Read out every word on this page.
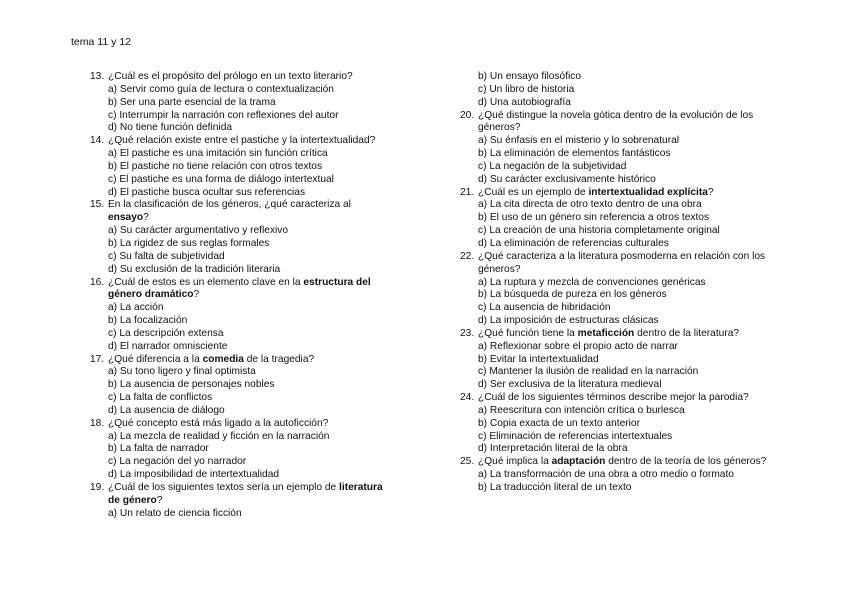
tema 11 y 12
13. ¿Cuál es el propósito del prólogo en un texto literario?
a) Servir como guía de lectura o contextualización
b) Ser una parte esencial de la trama
c) Interrumpir la narración con reflexiones del autor
d) No tiene función definida
14. ¿Qué relación existe entre el pastiche y la intertextualidad?
a) El pastiche es una imitación sin función crítica
b) El pastiche no tiene relación con otros textos
c) El pastiche es una forma de diálogo intertextual
d) El pastiche busca ocultar sus referencias
15. En la clasificación de los géneros, ¿qué caracteriza al ensayo?
a) Su carácter argumentativo y reflexivo
b) La rigidez de sus reglas formales
c) Su falta de subjetividad
d) Su exclusión de la tradición literaria
16. ¿Cuál de estos es un elemento clave en la estructura del género dramático?
a) La acción
b) La focalización
c) La descripción extensa
d) El narrador omnisciente
17. ¿Qué diferencia a la comedia de la tragedia?
a) Su tono ligero y final optimista
b) La ausencia de personajes nobles
c) La falta de conflictos
d) La ausencia de diálogo
18. ¿Qué concepto está más ligado a la autoficción?
a) La mezcla de realidad y ficción en la narración
b) La falta de narrador
c) La negación del yo narrador
d) La imposibilidad de intertextualidad
19. ¿Cuál de los siguientes textos sería un ejemplo de literatura de género?
a) Un relato de ciencia ficción
b) Un ensayo filosófico
c) Un libro de historia
d) Una autobiografía
20. ¿Qué distingue la novela gótica dentro de la evolución de los géneros?
a) Su énfasis en el misterio y lo sobrenatural
b) La eliminación de elementos fantásticos
c) La negación de la subjetividad
d) Su carácter exclusivamente histórico
21. ¿Cuál es un ejemplo de intertextualidad explícita?
a) La cita directa de otro texto dentro de una obra
b) El uso de un género sin referencia a otros textos
c) La creación de una historia completamente original
d) La eliminación de referencias culturales
22. ¿Qué caracteriza a la literatura posmoderna en relación con los géneros?
a) La ruptura y mezcla de convenciones genéricas
b) La búsqueda de pureza en los géneros
c) La ausencia de hibridación
d) La imposición de estructuras clásicas
23. ¿Qué función tiene la metaficción dentro de la literatura?
a) Reflexionar sobre el propio acto de narrar
b) Evitar la intertextualidad
c) Mantener la ilusión de realidad en la narración
d) Ser exclusiva de la literatura medieval
24. ¿Cuál de los siguientes términos describe mejor la parodia?
a) Reescritura con intención crítica o burlesca
b) Copia exacta de un texto anterior
c) Eliminación de referencias intertextuales
d) Interpretación literal de la obra
25. ¿Qué implica la adaptación dentro de la teoría de los géneros?
a) La transformación de una obra a otro medio o formato
b) La traducción literal de un texto
